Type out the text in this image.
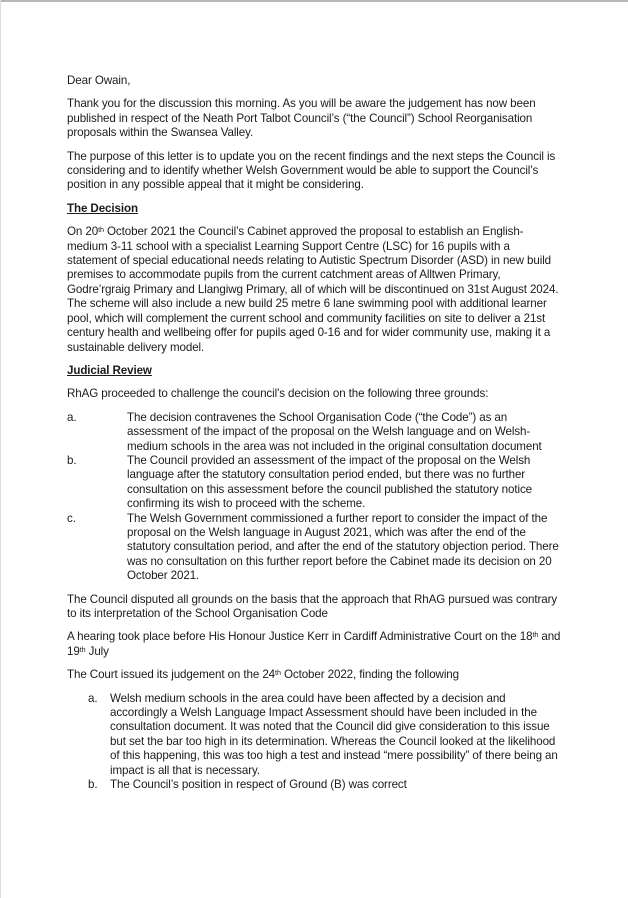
Dear Owain,

Thank you for the discussion this morning. As you will be aware the judgement has now been published in respect of the Neath Port Talbot Council’s (“the Council”) School Reorganisation proposals within the Swansea Valley.

The purpose of this letter is to update you on the recent findings and the next steps the Council is considering and to identify whether Welsh Government would be able to support the Council’s position in any possible appeal that it might be considering.

The Decision

On 20th October 2021 the Council’s Cabinet approved the proposal to establish an English-medium 3-11 school with a specialist Learning Support Centre (LSC) for 16 pupils with a statement of special educational needs relating to Autistic Spectrum Disorder (ASD) in new build premises to accommodate pupils from the current catchment areas of Alltwen Primary, Godre’rgraig Primary and Llangiwg Primary, all of which will be discontinued on 31st August 2024. The scheme will also include a new build 25 metre 6 lane swimming pool with additional learner pool, which will complement the current school and community facilities on site to deliver a 21st century health and wellbeing offer for pupils aged 0-16 and for wider community use, making it a sustainable delivery model.

Judicial Review

RhAG proceeded to challenge the council's decision on the following three grounds:

a.	The decision contravenes the School Organisation Code (“the Code”) as an assessment of the impact of the proposal on the Welsh language and on Welsh-medium schools in the area was not included in the original consultation document
b.	The Council provided an assessment of the impact of the proposal on the Welsh language after the statutory consultation period ended, but there was no further consultation on this assessment before the council published the statutory notice confirming its wish to proceed with the scheme.
c.	The Welsh Government commissioned a further report to consider the impact of the proposal on the Welsh language in August 2021, which was after the end of the statutory consultation period, and after the end of the statutory objection period. There was no consultation on this further report before the Cabinet made its decision on 20 October 2021.

The Council disputed all grounds on the basis that the approach that RhAG pursued was contrary to its interpretation of the School Organisation Code

A hearing took place before His Honour Justice Kerr in Cardiff Administrative Court on the 18th and 19th July

The Court issued its judgement on the 24th October 2022, finding the following

a.	Welsh medium schools in the area could have been affected by a decision and accordingly a Welsh Language Impact Assessment should have been included in the consultation document. It was noted that the Council did give consideration to this issue but set the bar too high in its determination. Whereas the Council looked at the likelihood of this happening, this was too high a test and instead “mere possibility” of there being an impact is all that is necessary.
b.	The Council’s position in respect of Ground (B) was correct
